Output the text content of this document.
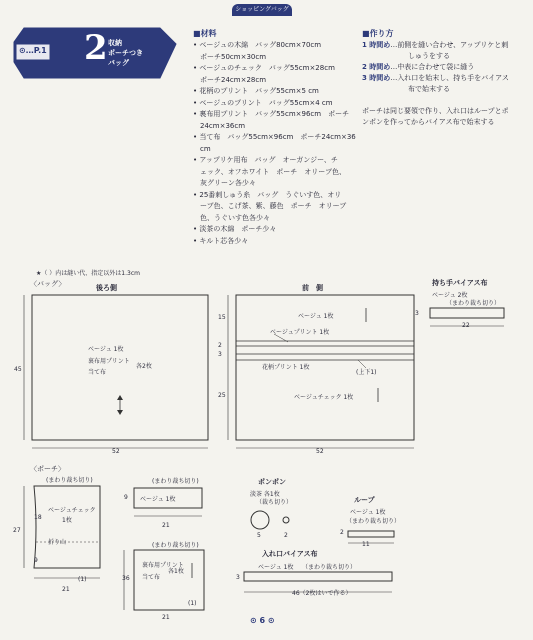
ショッピングバッグ
⊙…P.1 2 収納
ポーチつき
バッグ
■材料
• ベージュの木綿　バッグ80cm×70cm
　ポーチ50cm×30cm
• ベージュのチェック　バッグ55cm×28cm
　ポーチ24cm×28cm
• 花柄のプリント　バッグ55cm×5 cm
• ベージュのプリント　バッグ55cm×4 cm
• 裏布用プリント　バッグ55cm×96cm　ポーチ
　24cm×36cm
• 当て布　バッグ55cm×96cm　ポーチ24cm×36
　cm
• アップリケ用布　バッグ　オーガンジー、チ
　ェック、オフホワイト　ポーチ　オリーブ色、
　灰グリーン各少々
• 25番刺しゅう糸　バッグ　うぐいす色、オリ
　ーブ色、こげ茶、紫、藤色　ポーチ　オリーブ
　色、うぐいす色各少々
• 淡茶の木綿　ポーチ少々
• キルト芯各少々
■作り方
1 時間め…前側を縫い合わせ、アップリケと刺
しゅうをする
2 時間め…中表に合わせて袋に縫う
3 時間め…入れ口を始末し、持ち手をバイアス
布で始末する
ポーチは同じ要領で作り、入れ口はループとポ
ンポンを作ってからバイアス布で始末する
★（ ）内は縫い代、指定以外は1.3cm
〈バッグ〉	後ろ側
45
52
ベージュ 1枚
裏布用プリント
当て布
各2枚
前　側
15
2
3
25
52
ベージュ 1枚
ベージュプリント 1枚
花柄プリント 1枚
(上下1)
ベージュチェック 1枚
持ち手バイアス布
ベージュ 2枚
（まわり裁ち切り）
3
22
〈ポーチ〉
(まわり裁ち切り)
27
18
9
21
(1)
ベージュチェック
1枚
折り山
(まわり裁ち切り)
9
21
ベージュ 1枚
(まわり裁ち切り)
36
21
(1)
裏布用プリント
当て布
各1枚
ポンポン
淡茶 各1枚
（裁ち切り）
5	2
ループ
ベージュ 1枚
（まわり裁ち切り）
2
11
入れ口バイアス布
ベージュ 1枚 （まわり裁ち切り）
3
46（2枚はいで作る）
⊙ 6 ⊙
